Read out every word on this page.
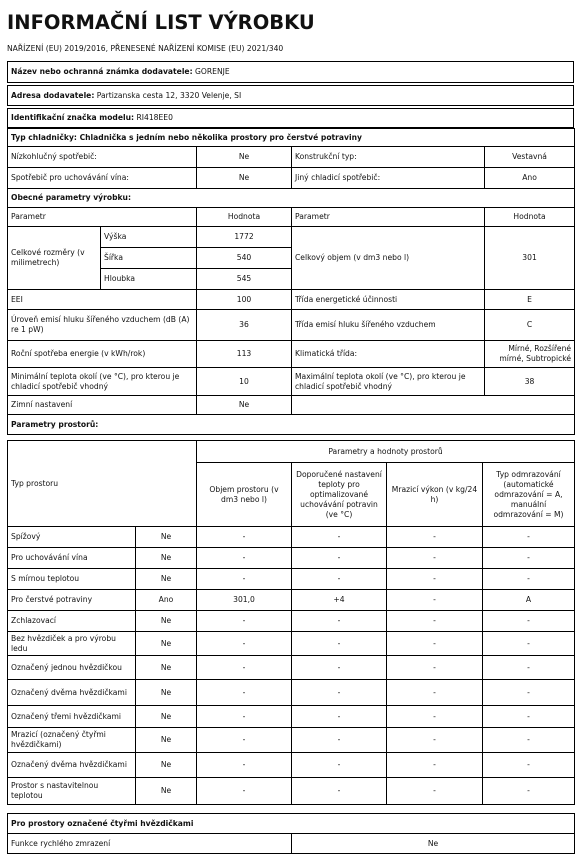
INFORMAČNÍ LIST VÝROBKU
NAŘÍZENÍ (EU) 2019/2016, PŘENESENÉ NAŘÍZENÍ KOMISE (EU) 2021/340
Název nebo ochranná známka dodavatele: GORENJE
Adresa dodavatele: Partizanska cesta 12, 3320 Velenje, SI
Identifikační značka modelu: RI418EE0
Typ chladničky: Chladnička s jedním nebo několika prostory pro čerstvé potraviny				
Nízkohlučný spotřebič:		Ne	Konstrukční typ:	Vestavná
Spotřebič pro uchovávání vína:		Ne	Jiný chladicí spotřebič:	Ano
Obecné parametry výrobku:				
Parametr		Hodnota	Parametr	Hodnota
Celkové rozměry (v milimetrech)	Výška	1772	Celkový objem (v dm3 nebo l)	301
	Šířka	540		
	Hloubka	545		
EEI		100	Třída energetické účinnosti	E
Úroveň emisí hluku šířeného vzduchem (dB (A) re 1 pW)		36	Třída emisí hluku šířeného vzduchem	C
Roční spotřeba energie (v kWh/rok)		113	Klimatická třída:	Mírné, Rozšířené mírné, Subtropické
Minimální teplota okolí (ve °C), pro kterou je chladicí spotřebič vhodný		10	Maximální teplota okolí (ve °C), pro kterou je chladicí spotřebič vhodný	38
Zimní nastavení		Ne		
Parametry prostorů:				
Typ prostoru		Parametry a hodnoty prostorů			
		Objem prostoru (v dm3 nebo l)	Doporučené nastavení teploty pro optimalizované uchovávání potravin (ve °C)	Mrazicí výkon (v kg/24 h)	Typ odmrazování (automatické odmrazování = A, manuální odmrazování = M)
Spížový	Ne	-	-	-	-
Pro uchovávání vína	Ne	-	-	-	-
S mírnou teplotou	Ne	-	-	-	-
Pro čerstvé potraviny	Ano	301,0	+4	-	A
Zchlazovací	Ne	-	-	-	-
Bez hvězdiček a pro výrobu ledu	Ne	-	-	-	-
Označený jednou hvězdičkou	Ne	-	-	-	-
Označený dvěma hvězdičkami	Ne	-	-	-	-
Označený třemi hvězdičkami	Ne	-	-	-	-
Mrazicí (označený čtyřmi hvězdičkami)	Ne	-	-	-	-
Označený dvěma hvězdičkami	Ne	-	-	-	-
Prostor s nastavitelnou teplotou	Ne	-	-	-	-
Pro prostory označené čtyřmi hvězdičkami
Funkce rychlého zmrazení	Ne
